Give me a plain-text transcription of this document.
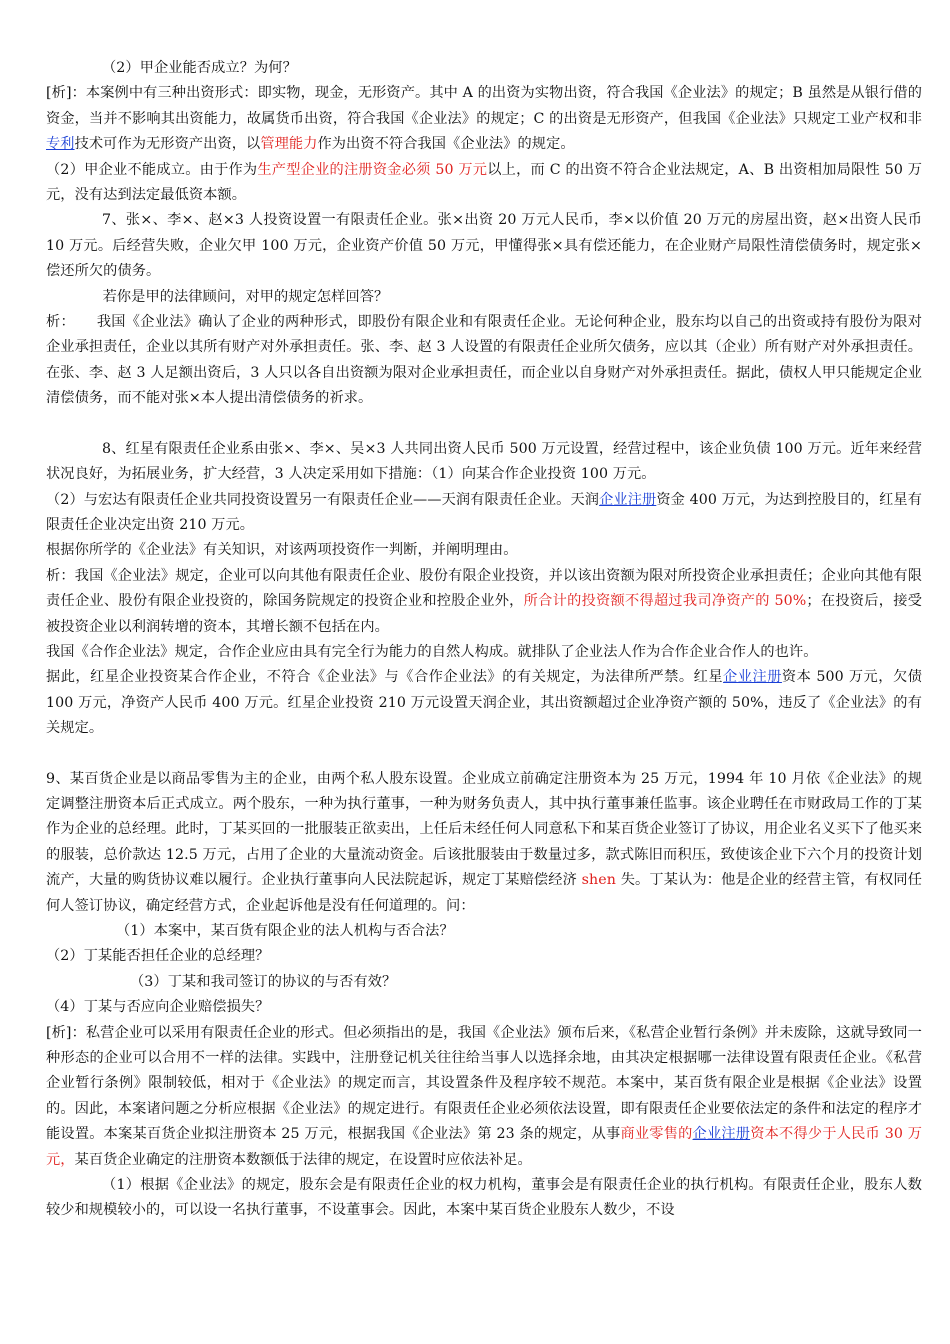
（2）甲企业能否成立？为何？

[析]：本案例中有三种出资形式：即实物，现金，无形资产。其中 A 的出资为实物出资，符合我国《企业法》的规定；B 虽然是从银行借的资金，当并不影响其出资能力，故属货币出资，符合我国《企业法》的规定；C 的出资是无形资产，但我国《企业法》只规定工业产权和非专利技术可作为无形资产出资，以管理能力作为出资不符合我国《企业法》的规定。

（2）甲企业不能成立。由于作为生产型企业的注册资金必须 50 万元以上，而 C 的出资不符合企业法规定，A、B 出资相加局限性 50 万元，没有达到法定最低资本额。

7、张×、李×、赵×3 人投资设置一有限责任企业。张×出资 20 万元人民币，李×以价值 20 万元的房屋出资，赵×出资人民币 10 万元。后经营失败，企业欠甲 100 万元，企业资产价值 50 万元，甲懂得张×具有偿还能力，在企业财产局限性清偿债务时，规定张×偿还所欠的债务。

　　若你是甲的法律顾问，对甲的规定怎样回答？

析：　　我国《企业法》确认了企业的两种形式，即股份有限企业和有限责任企业。无论何种企业，股东均以自己的出资或持有股份为限对企业承担责任，企业以其所有财产对外承担责任。张、李、赵 3 人设置的有限责任企业所欠债务，应以其（企业）所有财产对外承担责任。在张、李、赵 3 人足额出资后，3 人只以各自出资额为限对企业承担责任，而企业以自身财产对外承担责任。据此，债权人甲只能规定企业清偿债务，而不能对张×本人提出清偿债务的祈求。

8、红星有限责任企业系由张×、李×、吴×3 人共同出资人民币 500 万元设置，经营过程中，该企业负债 100 万元。近年来经营状况良好，为拓展业务，扩大经营，3 人决定采用如下措施：（1）向某合作企业投资 100 万元。

（2）与宏达有限责任企业共同投资设置另一有限责任企业——天润有限责任企业。天润企业注册资金 400 万元，为达到控股目的，红星有限责任企业决定出资 210 万元。

根据你所学的《企业法》有关知识，对该两项投资作一判断，并阐明理由。

析：我国《企业法》规定，企业可以向其他有限责任企业、股份有限企业投资，并以该出资额为限对所投资企业承担责任；企业向其他有限责任企业、股份有限企业投资的，除国务院规定的投资企业和控股企业外，所合计的投资额不得超过我司净资产的 50%；在投资后，接受被投资企业以利润转增的资本，其增长额不包括在内。

我国《合作企业法》规定，合作企业应由具有完全行为能力的自然人构成。就排队了企业法人作为合作企业合作人的也许。

据此，红星企业投资某合作企业，不符合《企业法》与《合作企业法》的有关规定，为法律所严禁。红星企业注册资本 500 万元，欠债 100 万元，净资产人民币 400 万元。红星企业投资 210 万元设置天润企业，其出资额超过企业净资产额的 50%，违反了《企业法》的有关规定。

9、某百货企业是以商品零售为主的企业，由两个私人股东设置。企业成立前确定注册资本为 25 万元，1994 年 10 月依《企业法》的规定调整注册资本后正式成立。两个股东，一种为执行董事，一种为财务负责人，其中执行董事兼任监事。该企业聘任在市财政局工作的丁某作为企业的总经理。此时，丁某买回的一批服装正欲卖出，上任后未经任何人同意私下和某百货企业签订了协议，用企业名义买下了他买来的服装，总价款达 12.5 万元，占用了企业的大量流动资金。后该批服装由于数量过多，款式陈旧而积压，致使该企业下六个月的投资计划流产，大量的购货协议难以履行。企业执行董事向人民法院起诉，规定丁某赔偿经济 shen 失。丁某认为：他是企业的经营主管，有权同任何人签订协议，确定经营方式，企业起诉他是没有任何道理的。问：

（1）本案中，某百货有限企业的法人机构与否合法？

（2）丁某能否担任企业的总经理？

（3）丁某和我司签订的协议的与否有效？

（4）丁某与否应向企业赔偿损失？

[析]：私营企业可以采用有限责任企业的形式。但必须指出的是，我国《企业法》颁布后来，《私营企业暂行条例》并未废除，这就导致同一种形态的企业可以合用不一样的法律。实践中，注册登记机关往往给当事人以选择余地，由其决定根据哪一法律设置有限责任企业。《私营企业暂行条例》限制较低，相对于《企业法》的规定而言，其设置条件及程序较不规范。本案中，某百货有限企业是根据《企业法》设置的。因此，本案诸问题之分析应根据《企业法》的规定进行。有限责任企业必须依法设置，即有限责任企业要依法定的条件和法定的程序才能设置。本案某百货企业拟注册资本 25 万元，根据我国《企业法》第 23 条的规定，从事商业零售的企业注册资本不得少于人民币 30 万元，某百货企业确定的注册资本数额低于法律的规定，在设置时应依法补足。

（1）根据《企业法》的规定，股东会是有限责任企业的权力机构，董事会是有限责任企业的执行机构。有限责任企业，股东人数较少和规模较小的，可以设一名执行董事，不设董事会。因此，本案中某百货企业股东人数少，不设
